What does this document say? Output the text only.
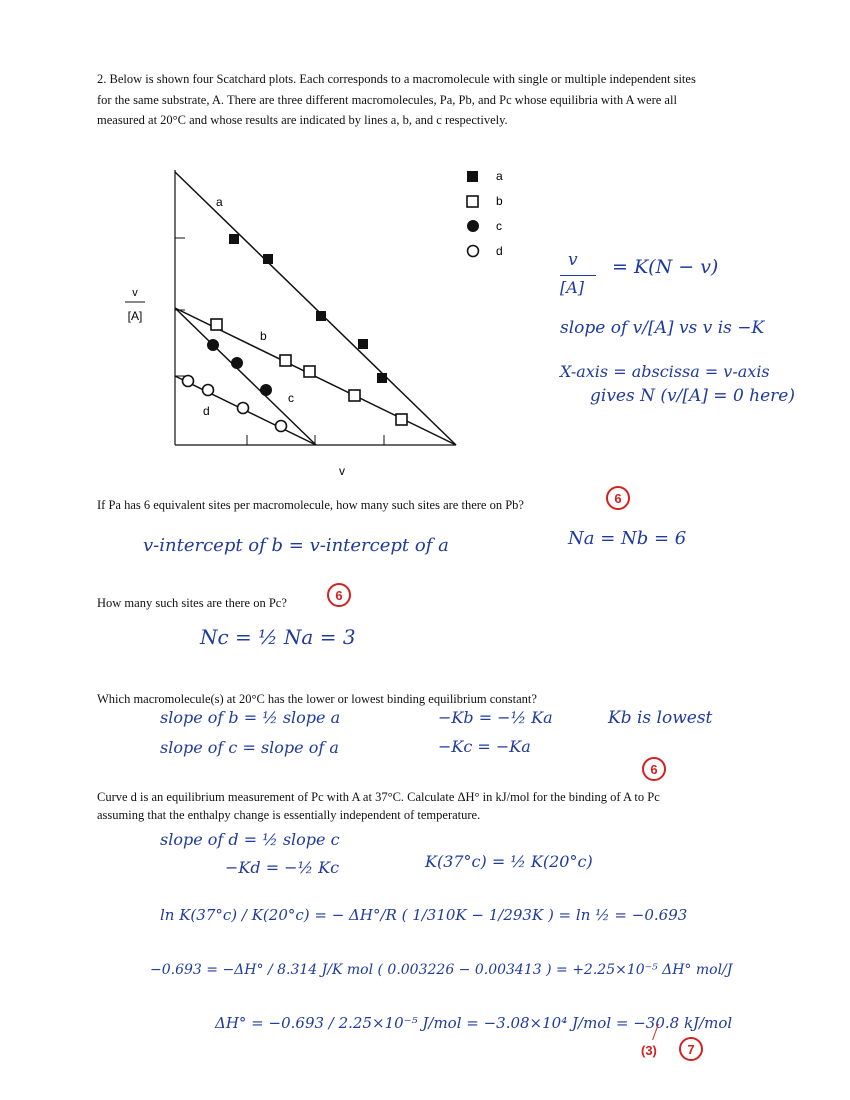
2. Below is shown four Scatchard plots. Each corresponds to a macromolecule with single or multiple independent sites
for the same substrate, A. There are three different macromolecules, Pa, Pb, and Pc whose equilibria with A were all
measured at 20°C and whose results are indicated by lines a, b, and c respectively.
v
[A]
v
a
b
c
d
a
b
c
d	v
[A]
= K(N − v)
slope of v/[A] vs v is −K
X-axis = abscissa = v-axis
gives N (v/[A] = 0 here)
If Pa has 6 equivalent sites per macromolecule, how many such sites are there on Pb?	6
v-intercept of b = v-intercept of a	Na = Nb = 6
How many such sites are there on Pc?
6
Nc = ½ Na = 3
Which macromolecule(s) at 20°C has the lower or lowest binding equilibrium constant?
slope of b = ½ slope a	−Kb = −½ Ka	Kb is lowest
slope of c = slope of a	−Kc = −Ka
6
Curve d is an equilibrium measurement of Pc with A at 37°C. Calculate ΔH° in kJ/mol for the binding of A to Pc
assuming that the enthalpy change is essentially independent of temperature.
slope of d = ½ slope c
−Kd = −½ Kc	K(37°c) = ½ K(20°c)
ln K(37°c) / K(20°c) = − ΔH°/R ( 1/310K − 1/293K ) = ln ½ = −0.693
−0.693 = −ΔH° / 8.314 J/K mol ( 0.003226 − 0.003413 ) = +2.25×10⁻⁵ ΔH° mol/J
ΔH° = −0.693 / 2.25×10⁻⁵ J/mol = −3.08×10⁴ J/mol = −30.8 kJ/mol
(3)	7
